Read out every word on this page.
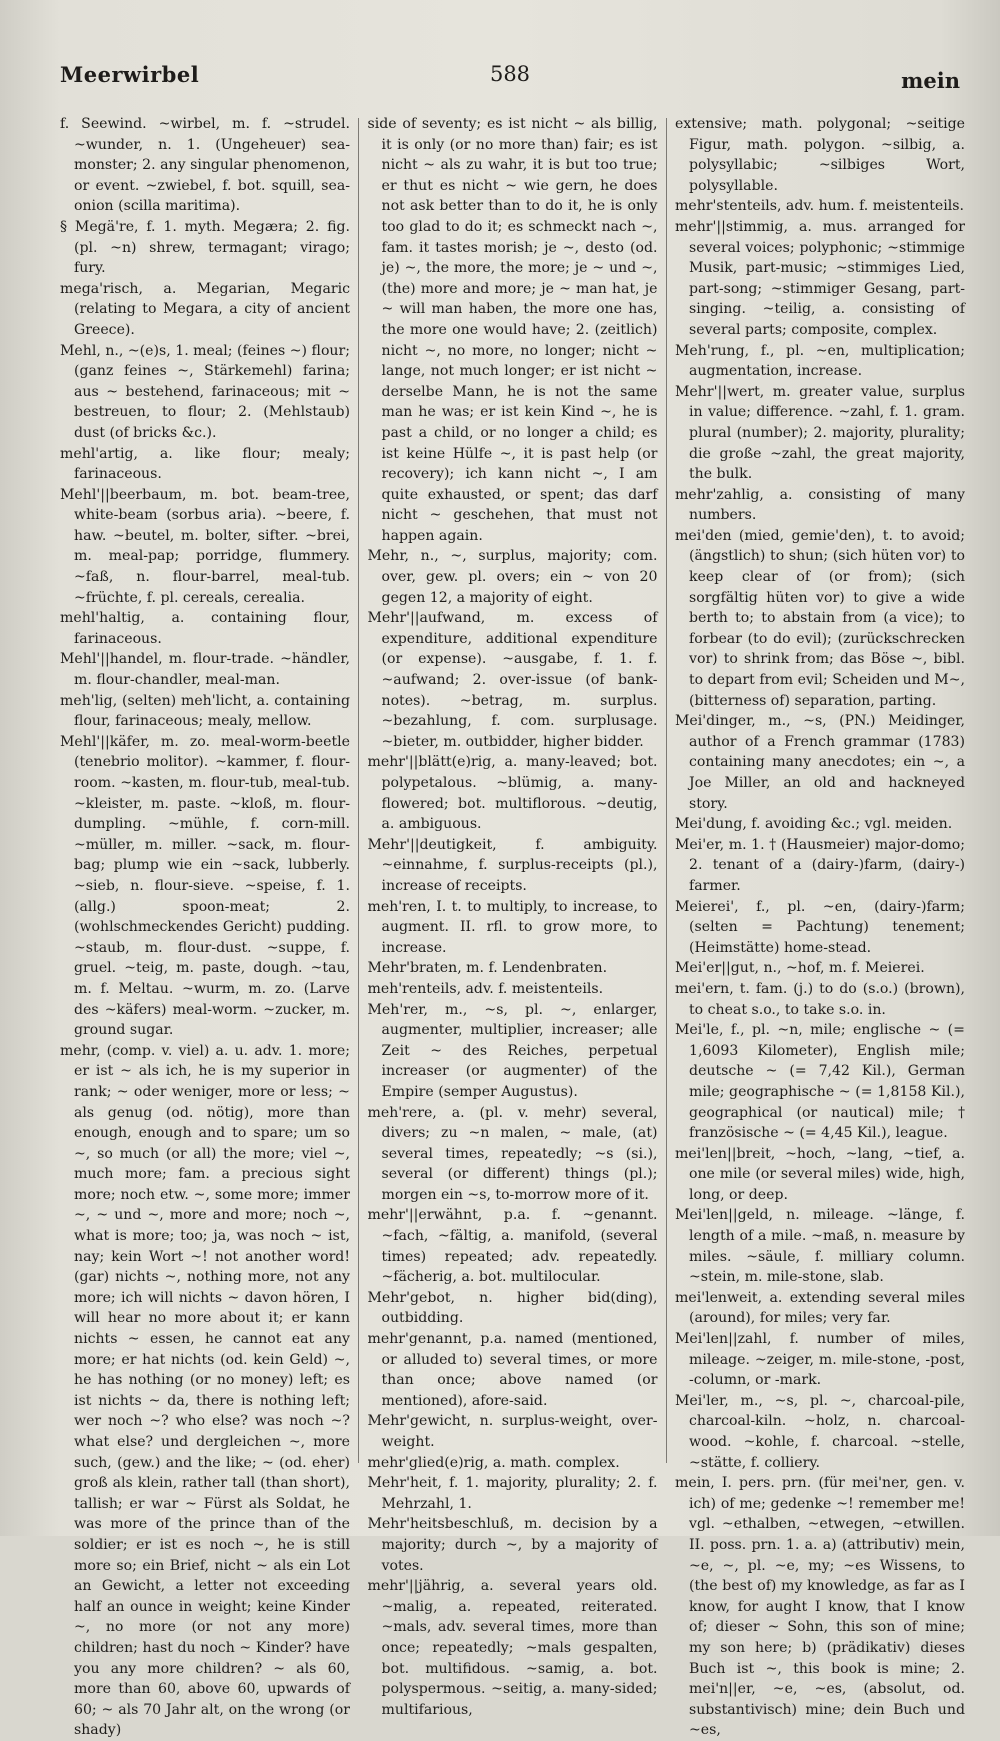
Meerwirbel	588	mein

f. Seewind. ~wirbel, m. f. ~strudel. ~wunder, n. 1. (Ungeheuer) sea-monster; 2. any singular phenomenon, or event. ~zwiebel, f. bot. squill, sea-onion (scilla maritima).

§ Megä're, f. 1. myth. Megæra; 2. fig. (pl. ~n) shrew, termagant; virago; fury.

mega'risch, a. Megarian, Megaric (relating to Megara, a city of ancient Greece).

Mehl, n., ~(e)s, 1. meal; (feines ~) flour; (ganz feines ~, Stärkemehl) farina; aus ~ bestehend, farinaceous; mit ~ bestreuen, to flour; 2. (Mehlstaub) dust (of bricks &c.).

mehl'artig, a. like flour; mealy; farinaceous.

Mehl'||beerbaum, m. bot. beam-tree, white-beam (sorbus aria). ~beere, f. haw. ~beutel, m. bolter, sifter. ~brei, m. meal-pap; porridge, flummery. ~faß, n. flour-barrel, meal-tub. ~früchte, f. pl. cereals, cerealia.

mehl'haltig, a. containing flour, farinaceous.

Mehl'||handel, m. flour-trade. ~händler, m. flour-chandler, meal-man.

meh'lig, (selten) meh'licht, a. containing flour, farinaceous; mealy, mellow.

Mehl'||käfer, m. zo. meal-worm-beetle (tenebrio molitor). ~kammer, f. flour-room. ~kasten, m. flour-tub, meal-tub. ~kleister, m. paste. ~kloß, m. flour-dumpling. ~mühle, f. corn-mill. ~müller, m. miller. ~sack, m. flour-bag; plump wie ein ~sack, lubberly. ~sieb, n. flour-sieve. ~speise, f. 1. (allg.) spoon-meat; 2. (wohlschmeckendes Gericht) pudding. ~staub, m. flour-dust. ~suppe, f. gruel. ~teig, m. paste, dough. ~tau, m. f. Meltau. ~wurm, m. zo. (Larve des ~käfers) meal-worm. ~zucker, m. ground sugar.

mehr, (comp. v. viel) a. u. adv. 1. more; er ist ~ als ich, he is my superior in rank; ~ oder weniger, more or less; ~ als genug (od. nötig), more than enough, enough and to spare; um so ~, so much (or all) the more; viel ~, much more; fam. a precious sight more; noch etw. ~, some more; immer ~, ~ und ~, more and more; noch ~, what is more; too; ja, was noch ~ ist, nay; kein Wort ~! not another word! (gar) nichts ~, nothing more, not any more; ich will nichts ~ davon hören, I will hear no more about it; er kann nichts ~ essen, he cannot eat any more; er hat nichts (od. kein Geld) ~, he has nothing (or no money) left; es ist nichts ~ da, there is nothing left; wer noch ~? who else? was noch ~? what else? und dergleichen ~, more such, (gew.) and the like; ~ (od. eher) groß als klein, rather tall (than short), tallish; er war ~ Fürst als Soldat, he was more of the prince than of the soldier; er ist es noch ~, he is still more so; ein Brief, nicht ~ als ein Lot an Gewicht, a letter not exceeding half an ounce in weight; keine Kinder ~, no more (or not any more) children; hast du noch ~ Kinder? have you any more children? ~ als 60, more than 60, above 60, upwards of 60; ~ als 70 Jahr alt, on the wrong (or shady)

side of seventy; es ist nicht ~ als billig, it is only (or no more than) fair; es ist nicht ~ als zu wahr, it is but too true; er thut es nicht ~ wie gern, he does not ask better than to do it, he is only too glad to do it; es schmeckt nach ~, fam. it tastes morish; je ~, desto (od. je) ~, the more, the more; je ~ und ~, (the) more and more; je ~ man hat, je ~ will man haben, the more one has, the more one would have; 2. (zeitlich) nicht ~, no more, no longer; nicht ~ lange, not much longer; er ist nicht ~ derselbe Mann, he is not the same man he was; er ist kein Kind ~, he is past a child, or no longer a child; es ist keine Hülfe ~, it is past help (or recovery); ich kann nicht ~, I am quite exhausted, or spent; das darf nicht ~ geschehen, that must not happen again.

Mehr, n., ~, surplus, majority; com. over, gew. pl. overs; ein ~ von 20 gegen 12, a majority of eight.

Mehr'||aufwand, m. excess of expenditure, additional expenditure (or expense). ~ausgabe, f. 1. f. ~aufwand; 2. over-issue (of bank-notes). ~betrag, m. surplus. ~bezahlung, f. com. surplusage. ~bieter, m. outbidder, higher bidder.

mehr'||blätt(e)rig, a. many-leaved; bot. polypetalous. ~blümig, a. many-flowered; bot. multiflorous. ~deutig, a. ambiguous.

Mehr'||deutigkeit, f. ambiguity. ~einnahme, f. surplus-receipts (pl.), increase of receipts.

meh'ren, I. t. to multiply, to increase, to augment. II. rfl. to grow more, to increase.

Mehr'braten, m. f. Lendenbraten.

meh'renteils, adv. f. meistenteils.

Meh'rer, m., ~s, pl. ~, enlarger, augmenter, multiplier, increaser; alle Zeit ~ des Reiches, perpetual increaser (or augmenter) of the Empire (semper Augustus).

meh'rere, a. (pl. v. mehr) several, divers; zu ~n malen, ~ male, (at) several times, repeatedly; ~s (si.), several (or different) things (pl.); morgen ein ~s, to-morrow more of it.

mehr'||erwähnt, p.a. f. ~genannt. ~fach, ~fältig, a. manifold, (several times) repeated; adv. repeatedly. ~fächerig, a. bot. multilocular.

Mehr'gebot, n. higher bid(ding), outbidding.

mehr'genannt, p.a. named (mentioned, or alluded to) several times, or more than once; above named (or mentioned), afore-said.

Mehr'gewicht, n. surplus-weight, over-weight.

mehr'glied(e)rig, a. math. complex.

Mehr'heit, f. 1. majority, plurality; 2. f. Mehrzahl, 1.

Mehr'heitsbeschluß, m. decision by a majority; durch ~, by a majority of votes.

mehr'||jährig, a. several years old. ~malig, a. repeated, reiterated. ~mals, adv. several times, more than once; repeatedly; ~mals gespalten, bot. multifidous. ~samig, a. bot. polyspermous. ~seitig, a. many-sided; multifarious,

extensive; math. polygonal; ~seitige Figur, math. polygon. ~silbig, a. polysyllabic; ~silbiges Wort, polysyllable.

mehr'stenteils, adv. hum. f. meistenteils.

mehr'||stimmig, a. mus. arranged for several voices; polyphonic; ~stimmige Musik, part-music; ~stimmiges Lied, part-song; ~stimmiger Gesang, part-singing. ~teilig, a. consisting of several parts; composite, complex.

Meh'rung, f., pl. ~en, multiplication; augmentation, increase.

Mehr'||wert, m. greater value, surplus in value; difference. ~zahl, f. 1. gram. plural (number); 2. majority, plurality; die große ~zahl, the great majority, the bulk.

mehr'zahlig, a. consisting of many numbers.

mei'den (mied, gemie'den), t. to avoid; (ängstlich) to shun; (sich hüten vor) to keep clear of (or from); (sich sorgfältig hüten vor) to give a wide berth to; to abstain from (a vice); to forbear (to do evil); (zurückschrecken vor) to shrink from; das Böse ~, bibl. to depart from evil; Scheiden und M~, (bitterness of) separation, parting.

Mei'dinger, m., ~s, (PN.) Meidinger, author of a French grammar (1783) containing many anecdotes; ein ~, a Joe Miller, an old and hackneyed story.

Mei'dung, f. avoiding &c.; vgl. meiden.

Mei'er, m. 1. † (Hausmeier) major-domo; 2. tenant of a (dairy-)farm, (dairy-) farmer.

Meierei', f., pl. ~en, (dairy-)farm; (selten = Pachtung) tenement; (Heimstätte) home-stead.

Mei'er||gut, n., ~hof, m. f. Meierei.

mei'ern, t. fam. (j.) to do (s.o.) (brown), to cheat s.o., to take s.o. in.

Mei'le, f., pl. ~n, mile; englische ~ (= 1,6093 Kilometer), English mile; deutsche ~ (= 7,42 Kil.), German mile; geographische ~ (= 1,8158 Kil.), geographical (or nautical) mile; † französische ~ (= 4,45 Kil.), league.

mei'len||breit, ~hoch, ~lang, ~tief, a. one mile (or several miles) wide, high, long, or deep.

Mei'len||geld, n. mileage. ~länge, f. length of a mile. ~maß, n. measure by miles. ~säule, f. milliary column. ~stein, m. mile-stone, slab.

mei'lenweit, a. extending several miles (around), for miles; very far.

Mei'len||zahl, f. number of miles, mileage. ~zeiger, m. mile-stone, -post, -column, or -mark.

Mei'ler, m., ~s, pl. ~, charcoal-pile, charcoal-kiln. ~holz, n. charcoal-wood. ~kohle, f. charcoal. ~stelle, ~stätte, f. colliery.

mein, I. pers. prn. (für mei'ner, gen. v. ich) of me; gedenke ~! remember me! vgl. ~ethalben, ~etwegen, ~etwillen. II. poss. prn. 1. a. a) (attributiv) mein, ~e, ~, pl. ~e, my; ~es Wissens, to (the best of) my knowledge, as far as I know, for aught I know, that I know of; dieser ~ Sohn, this son of mine; my son here; b) (prädikativ) dieses Buch ist ~, this book is mine; 2. mei'n||er, ~e, ~es, (absolut, od. substantivisch) mine; dein Buch und ~es,
